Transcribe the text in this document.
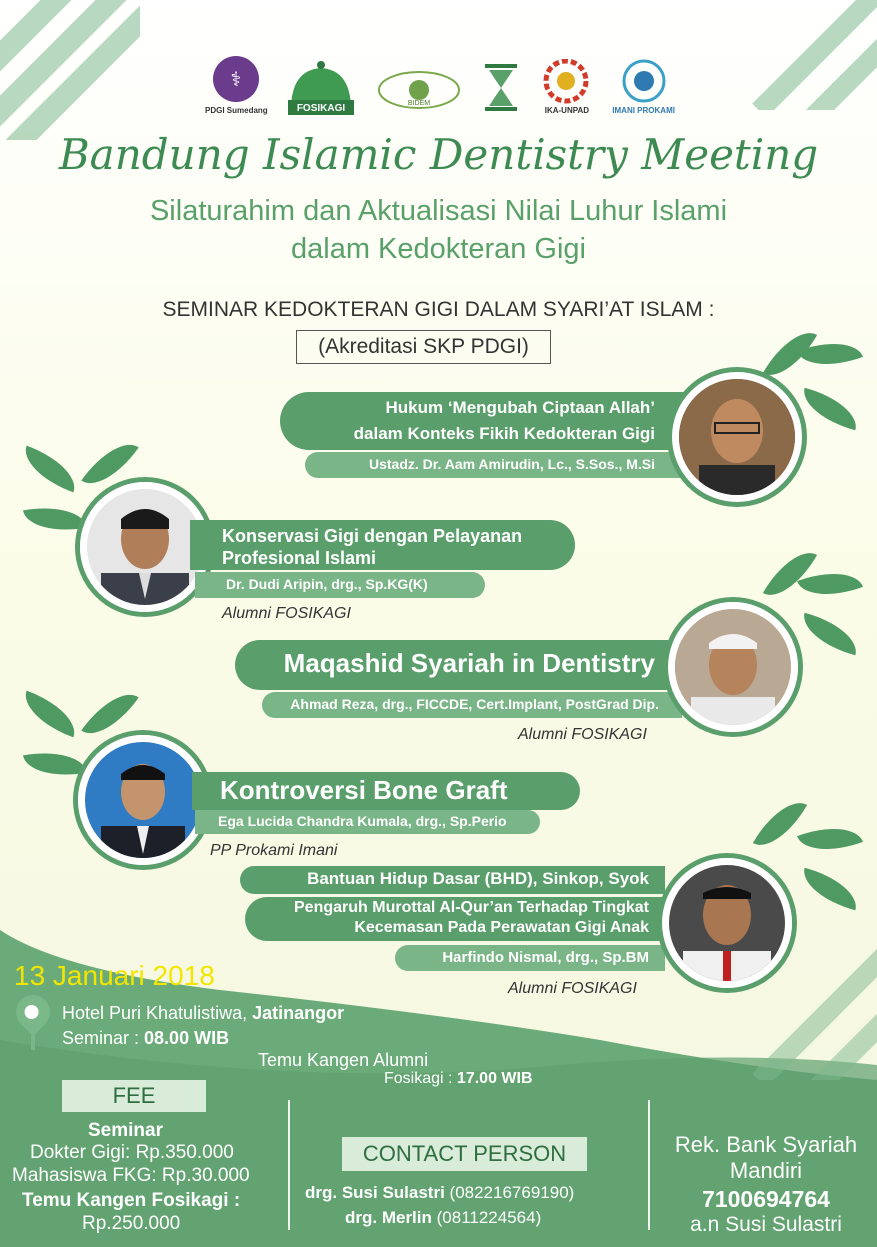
⚕
PDGI Sumedang	FOSIKAGI	BIDEM
IKA-UNPAD	IMANI PROKAMI
Bandung Islamic Dentistry Meeting
Silaturahim dan Aktualisasi Nilai Luhur Islami
dalam Kedokteran Gigi
SEMINAR KEDOKTERAN GIGI DALAM SYARI’AT ISLAM :
(Akreditasi SKP PDGI)
Hukum ‘Mengubah Ciptaan Allah’
dalam Konteks Fikih Kedokteran Gigi
Ustadz. Dr. Aam Amirudin, Lc., S.Sos., M.Si
Konservasi Gigi dengan Pelayanan
Profesional Islami
Dr. Dudi Aripin, drg., Sp.KG(K)
Alumni FOSIKAGI
Maqashid Syariah in Dentistry
Ahmad Reza, drg., FICCDE, Cert.Implant, PostGrad Dip.
Alumni FOSIKAGI
Kontroversi Bone Graft
Ega Lucida Chandra Kumala, drg., Sp.Perio
PP Prokami Imani
Bantuan Hidup Dasar (BHD), Sinkop, Syok
Pengaruh Murottal Al-Qur’an Terhadap Tingkat
Kecemasan Pada Perawatan Gigi Anak
Harfindo Nismal, drg., Sp.BM
Alumni FOSIKAGI
13 Januari 2018
Hotel Puri Khatulistiwa, Jatinangor
Seminar : 08.00 WIB
Temu Kangen Alumni
Fosikagi : 17.00 WIB
FEE
Seminar
Dokter Gigi: Rp.350.000
Mahasiswa FKG: Rp.30.000
Temu Kangen Fosikagi :
Rp.250.000
CONTACT PERSON
drg. Susi Sulastri (082216769190)
drg. Merlin (0811224564)
Rek. Bank Syariah
Mandiri
7100694764
a.n Susi Sulastri
